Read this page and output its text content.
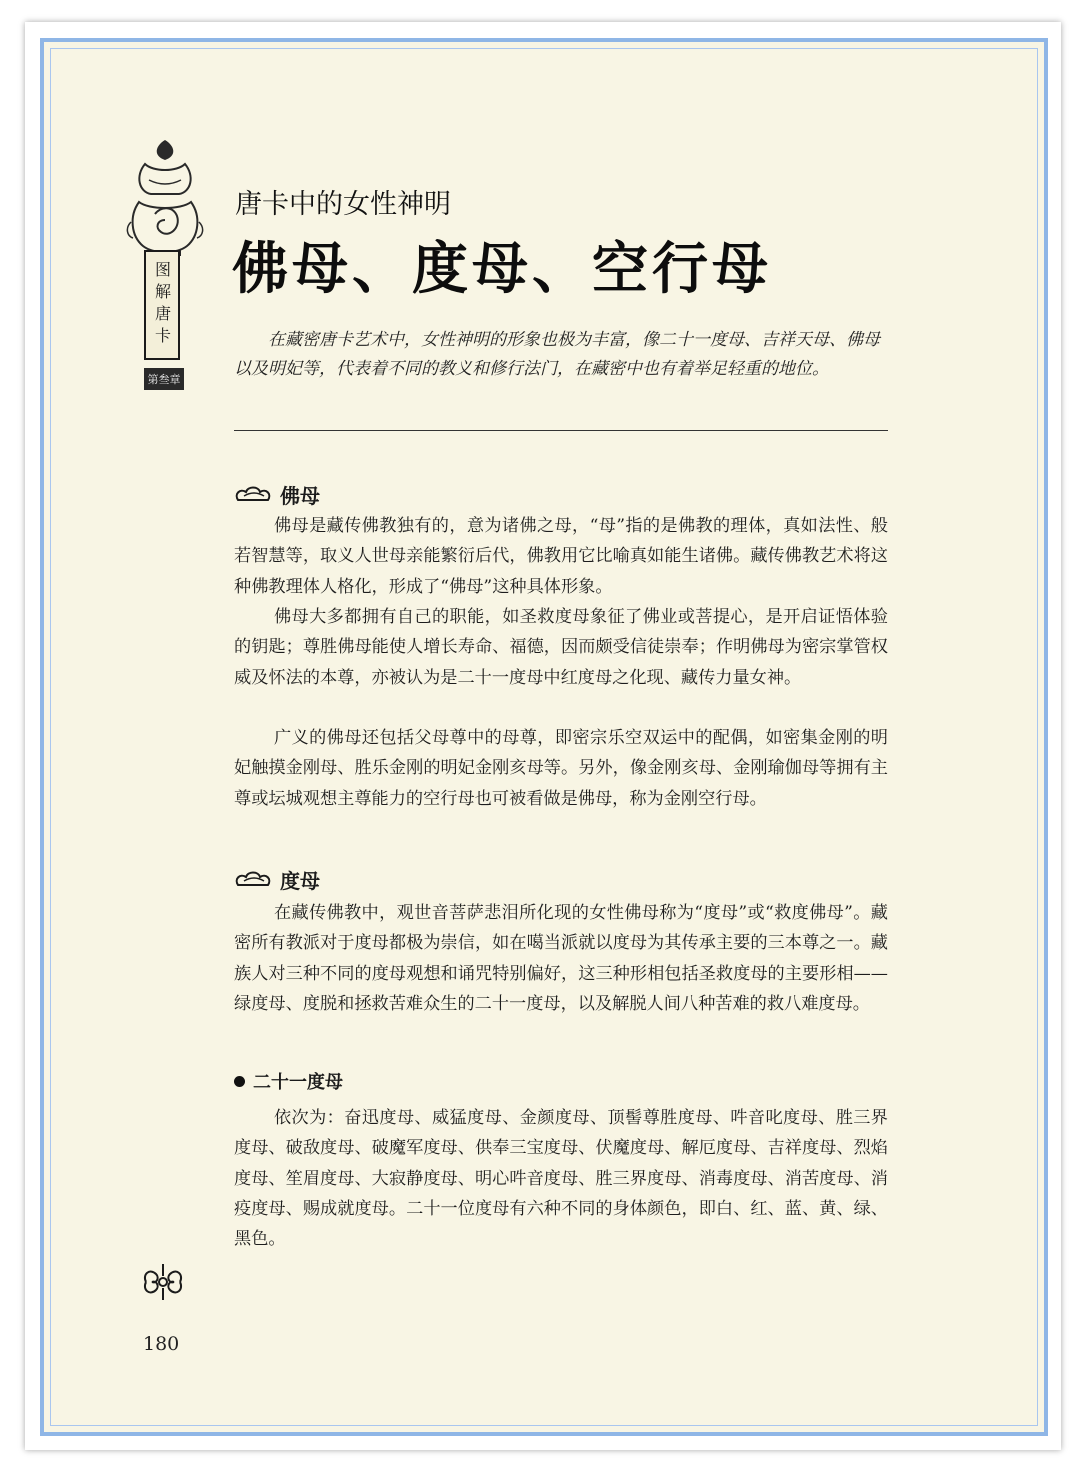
图解唐卡
第叁章
唐卡中的女性神明
佛母、度母、空行母
在藏密唐卡艺术中，女性神明的形象也极为丰富，像二十一度母、吉祥天母、佛母以及明妃等，代表着不同的教义和修行法门，在藏密中也有着举足轻重的地位。
佛母
佛母是藏传佛教独有的，意为诸佛之母，“母”指的是佛教的理体，真如法性、般若智慧等，取义人世母亲能繁衍后代，佛教用它比喻真如能生诸佛。藏传佛教艺术将这种佛教理体人格化，形成了“佛母”这种具体形象。
佛母大多都拥有自己的职能，如圣救度母象征了佛业或菩提心，是开启证悟体验的钥匙；尊胜佛母能使人增长寿命、福德，因而颇受信徒崇奉；作明佛母为密宗掌管权威及怀法的本尊，亦被认为是二十一度母中红度母之化现、藏传力量女神。
广义的佛母还包括父母尊中的母尊，即密宗乐空双运中的配偶，如密集金刚的明妃触摸金刚母、胜乐金刚的明妃金刚亥母等。另外，像金刚亥母、金刚瑜伽母等拥有主尊或坛城观想主尊能力的空行母也可被看做是佛母，称为金刚空行母。
度母
在藏传佛教中，观世音菩萨悲泪所化现的女性佛母称为“度母”或“救度佛母”。藏密所有教派对于度母都极为崇信，如在噶当派就以度母为其传承主要的三本尊之一。藏族人对三种不同的度母观想和诵咒特别偏好，这三种形相包括圣救度母的主要形相——绿度母、度脱和拯救苦难众生的二十一度母，以及解脱人间八种苦难的救八难度母。
二十一度母
依次为：奋迅度母、威猛度母、金颜度母、顶髻尊胜度母、吽音叱度母、胜三界度母、破敌度母、破魔军度母、供奉三宝度母、伏魔度母、解厄度母、吉祥度母、烈焰度母、笙眉度母、大寂静度母、明心吽音度母、胜三界度母、消毒度母、消苦度母、消疫度母、赐成就度母。二十一位度母有六种不同的身体颜色，即白、红、蓝、黄、绿、黑色。
180
